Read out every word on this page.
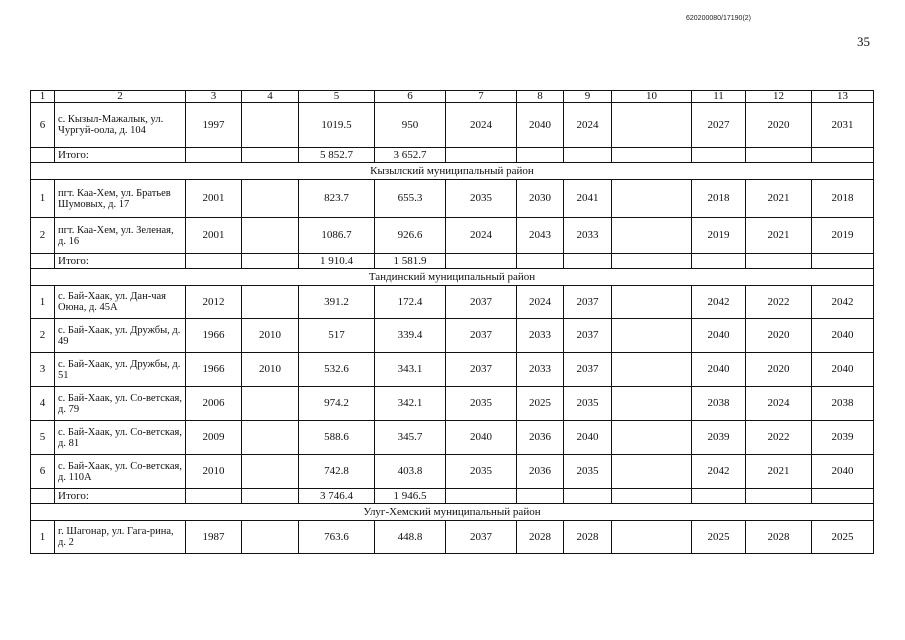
620200080/17190(2)
35
1	2	3	4	5	6	7	8	9	10	11	12	13
6	с. Кызыл-Мажалык, ул. Чургуй-оола, д. 104	1997		1019.5	950	2024	2040	2024		2027	2020	2031
	Итого:			5 852.7	3 652.7							
Кызылский муниципальный район												
1	пгт. Каа-Хем, ул. Братьев Шумовых, д. 17	2001		823.7	655.3	2035	2030	2041		2018	2021	2018
2	пгт. Каа-Хем, ул. Зеленая, д. 16	2001		1086.7	926.6	2024	2043	2033		2019	2021	2019
	Итого:			1 910.4	1 581.9							
Тандинский муниципальный район												
1	с. Бай-Хаак, ул. Дан-чая Оюна, д. 45А	2012		391.2	172.4	2037	2024	2037		2042	2022	2042
2	с. Бай-Хаак, ул. Дружбы, д. 49	1966	2010	517	339.4	2037	2033	2037		2040	2020	2040
3	с. Бай-Хаак, ул. Дружбы, д. 51	1966	2010	532.6	343.1	2037	2033	2037		2040	2020	2040
4	с. Бай-Хаак, ул. Со-ветская, д. 79	2006		974.2	342.1	2035	2025	2035		2038	2024	2038
5	с. Бай-Хаак, ул. Со-ветская, д. 81	2009		588.6	345.7	2040	2036	2040		2039	2022	2039
6	с. Бай-Хаак, ул. Со-ветская, д. 110А	2010		742.8	403.8	2035	2036	2035		2042	2021	2040
	Итого:			3 746.4	1 946.5							
Улуг-Хемский муниципальный район												
1	г. Шагонар, ул. Гага-рина, д. 2	1987		763.6	448.8	2037	2028	2028		2025	2028	2025
